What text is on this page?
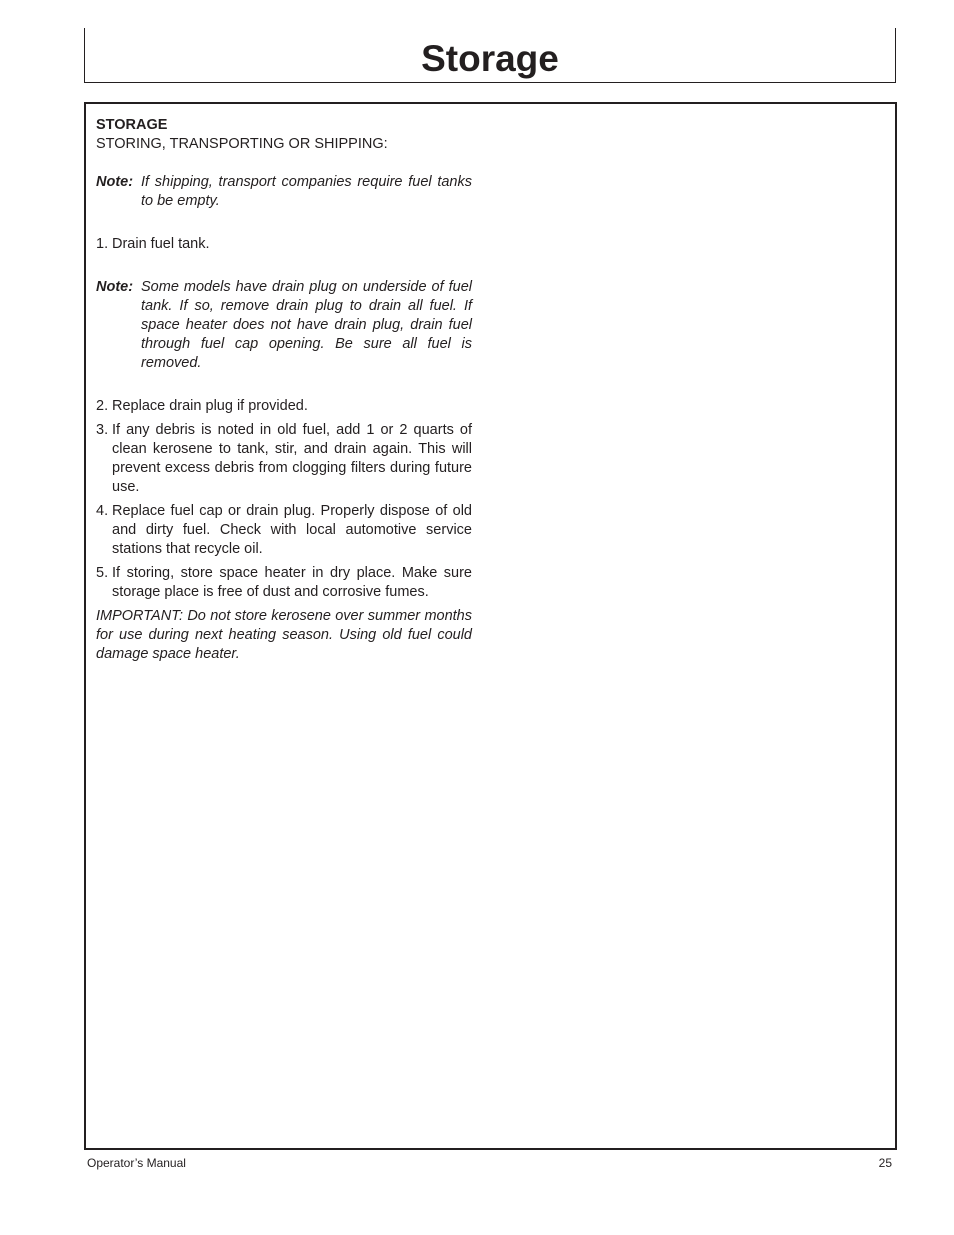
Storage

STORAGE

STORING, TRANSPORTING OR SHIPPING:

Note: If shipping, transport companies require fuel tanks to be empty.

1. Drain fuel tank.

Note: Some models have drain plug on underside of fuel tank. If so, remove drain plug to drain all fuel. If space heater does not have drain plug, drain fuel through fuel cap opening. Be sure all fuel is removed.

2. Replace drain plug if provided.

3. If any debris is noted in old fuel, add 1 or 2 quarts of clean kerosene to tank, stir, and drain again. This will prevent excess debris from clogging filters during future use.

4. Replace fuel cap or drain plug. Properly dispose of old and dirty fuel. Check with local automotive service stations that recycle oil.

5. If storing, store space heater in dry place. Make sure storage place is free of dust and corrosive fumes.

IMPORTANT: Do not store kerosene over summer months for use during next heating season. Using old fuel could damage space heater.

Operator’s Manual	25
